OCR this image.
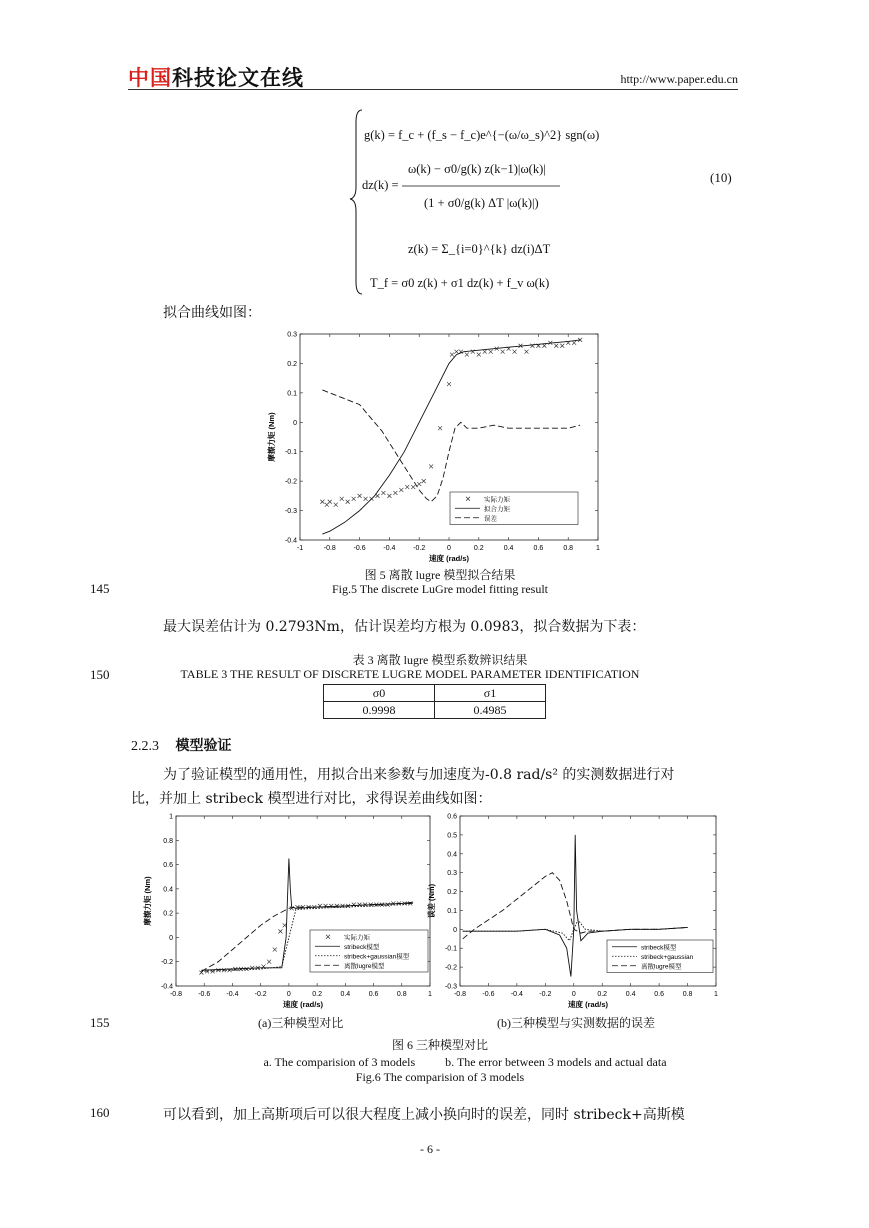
中国科技论文在线	http://www.paper.edu.cn
g(k) = f_c + (f_s − f_c)e^{−(ω/ω_s)^2} sgn(ω)
ω(k) − σ0/g(k) z(k−1)|ω(k)|
dz(k) =
(1 + σ0/g(k) ΔT |ω(k)|)
z(k) = Σ_{i=0}^{k} dz(i)ΔT
T_f = σ0 z(k) + σ1 dz(k) + f_v ω(k)
(10)
拟合曲线如图：
-1	-0.8	-0.6	-0.4	-0.2	0	0.2	0.4	0.6	0.8	1
-0.4
-0.3
-0.2
-0.1
0
0.1
0.2
0.3
速度 (rad/s)
摩擦力矩 (Nm)
实际力矩
拟合力矩
误差
图 5 离散 lugre 模型拟合结果
145	Fig.5 The discrete LuGre model fitting result
最大误差估计为 0.2793Nm，估计误差均方根为 0.0983，拟合数据为下表：
表 3 离散 lugre 模型系数辨识结果
150	TABLE 3 THE RESULT OF DISCRETE LUGRE MODEL PARAMETER IDENTIFICATION
σ0	σ1
0.9998	0.4985
2.2.3 模型验证
为了验证模型的通用性，用拟合出来参数与加速度为-0.8 rad/s² 的实测数据进行对
比，并加上 stribeck 模型进行对比，求得误差曲线如图：
-0.8 -0.6 -0.4 -0.2	0	0.2	0.4	0.6	0.8	1
-0.4
-0.2
0
0.2
0.4
0.6
0.8
1
速度 (rad/s)
摩擦力矩 (Nm)
实际力矩
stribeck模型
stribeck+gaussian模型
离散lugre模型
-0.8 -0.6 -0.4 -0.2	0	0.2	0.4	0.6	0.8	1
-0.3
-0.2
-0.1
0
0.1
0.2
0.3
0.4
0.5
0.6
速度 (rad/s)
误差 (Nm)
stribeck模型
stribeck+gaussian
离散lugre模型
155	(a)三种模型对比	(b)三种模型与实测数据的误差
图 6 三种模型对比
a. The comparision of 3 models          b. The error between 3 models and actual data
Fig.6 The comparision of 3 models
160	可以看到，加上高斯项后可以很大程度上减小换向时的误差，同时 stribeck+高斯模
- 6 -
